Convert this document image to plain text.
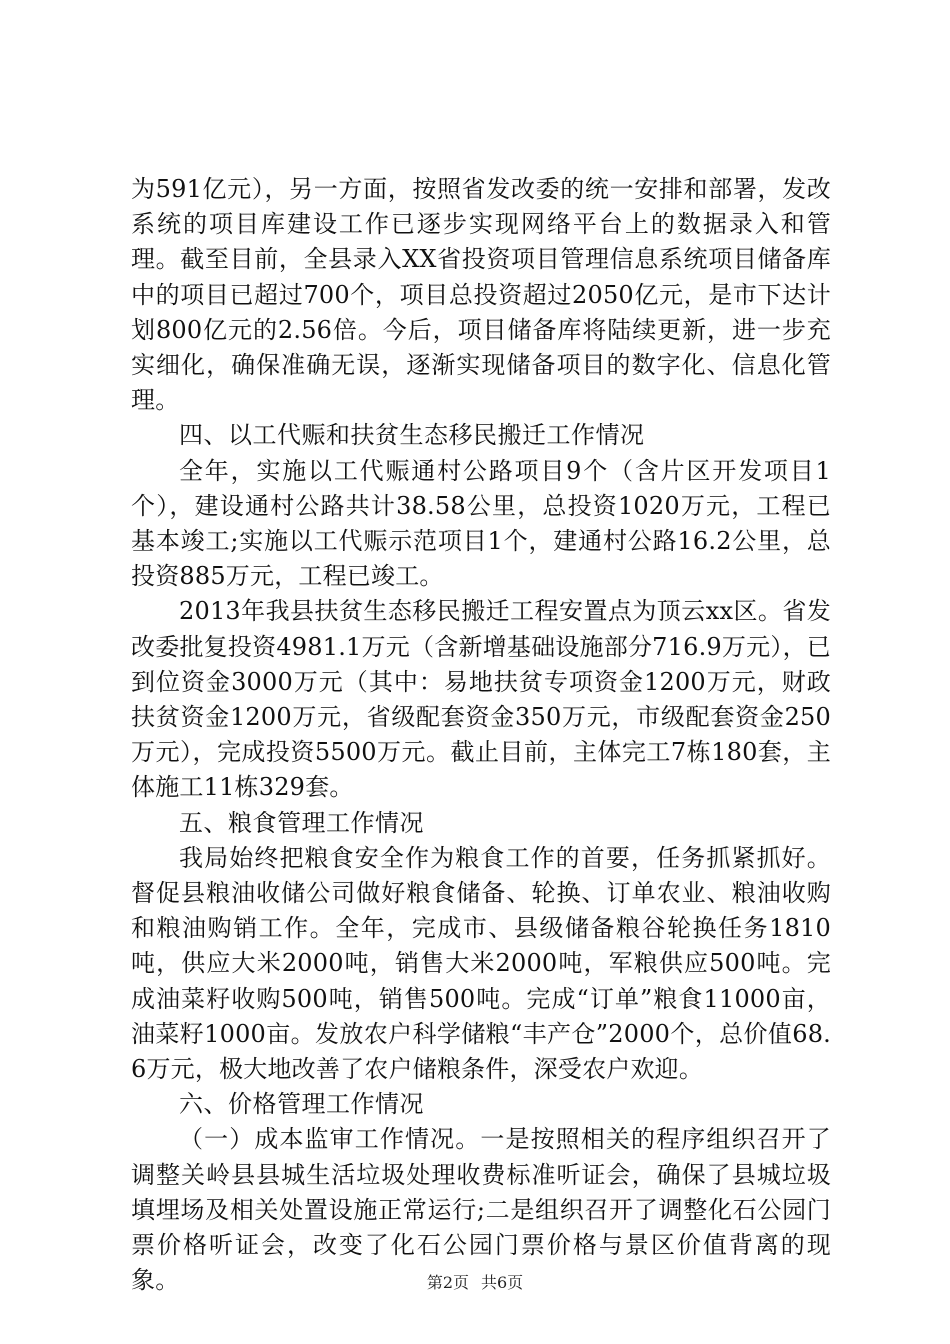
为591亿元），另一方面，按照省发改委的统一安排和部署，发改系统的项目库建设工作已逐步实现网络平台上的数据录入和管理。截至目前，全县录入XX省投资项目管理信息系统项目储备库中的项目已超过700个，项目总投资超过2050亿元，是市下达计划800亿元的2.56倍。今后，项目储备库将陆续更新，进一步充实细化，确保准确无误，逐渐实现储备项目的数字化、信息化管理。

四、以工代赈和扶贫生态移民搬迁工作情况

全年，实施以工代赈通村公路项目9个（含片区开发项目1个），建设通村公路共计38.58公里，总投资1020万元，工程已基本竣工;实施以工代赈示范项目1个，建通村公路16.2公里，总投资885万元，工程已竣工。

2013年我县扶贫生态移民搬迁工程安置点为顶云xx区。省发改委批复投资4981.1万元（含新增基础设施部分716.9万元），已到位资金3000万元（其中：易地扶贫专项资金1200万元，财政扶贫资金1200万元，省级配套资金350万元，市级配套资金250万元），完成投资5500万元。截止目前，主体完工7栋180套，主体施工11栋329套。

五、粮食管理工作情况

我局始终把粮食安全作为粮食工作的首要，任务抓紧抓好。督促县粮油收储公司做好粮食储备、轮换、订单农业、粮油收购和粮油购销工作。全年，完成市、县级储备粮谷轮换任务1810吨，供应大米2000吨，销售大米2000吨，军粮供应500吨。完成油菜籽收购500吨，销售500吨。完成“订单”粮食11000亩，油菜籽1000亩。发放农户科学储粮“丰产仓”2000个，总价值68.6万元，极大地改善了农户储粮条件，深受农户欢迎。

六、价格管理工作情况

（一）成本监审工作情况。一是按照相关的程序组织召开了调整关岭县县城生活垃圾处理收费标准听证会，确保了县城垃圾填埋场及相关处置设施正常运行;二是组织召开了调整化石公园门票价格听证会，改变了化石公园门票价格与景区价值背离的现象。	第2页 共6页
